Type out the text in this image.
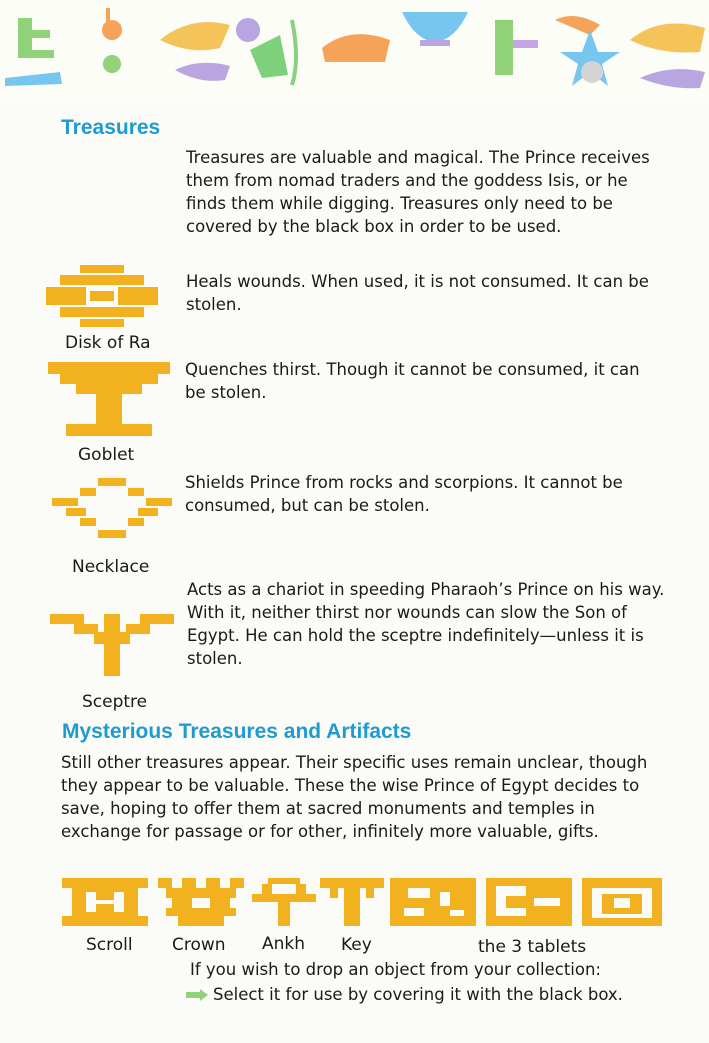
Treasures

Treasures are valuable and magical. The Prince receives them from nomad traders and the goddess Isis, or he finds them while digging. Treasures only need to be covered by the black box in order to be used.

Disk of Ra

Heals wounds. When used, it is not consumed. It can be stolen.

Goblet

Quenches thirst. Though it cannot be consumed, it can be stolen.

Necklace

Shields Prince from rocks and scorpions. It cannot be consumed, but can be stolen.

Sceptre

Acts as a chariot in speeding Pharaoh’s Prince on his way. With it, neither thirst nor wounds can slow the Son of Egypt. He can hold the sceptre indefinitely—unless it is stolen.

Mysterious Treasures and Artifacts

Still other treasures appear. Their specific uses remain unclear, though they appear to be valuable. These the wise Prince of Egypt decides to save, hoping to offer them at sacred monuments and temples in exchange for passage or for other, infinitely more valuable, gifts.

Scroll Crown Ankh Key	the 3 tablets
If you wish to drop an object from your collection:
Select it for use by covering it with the black box.
